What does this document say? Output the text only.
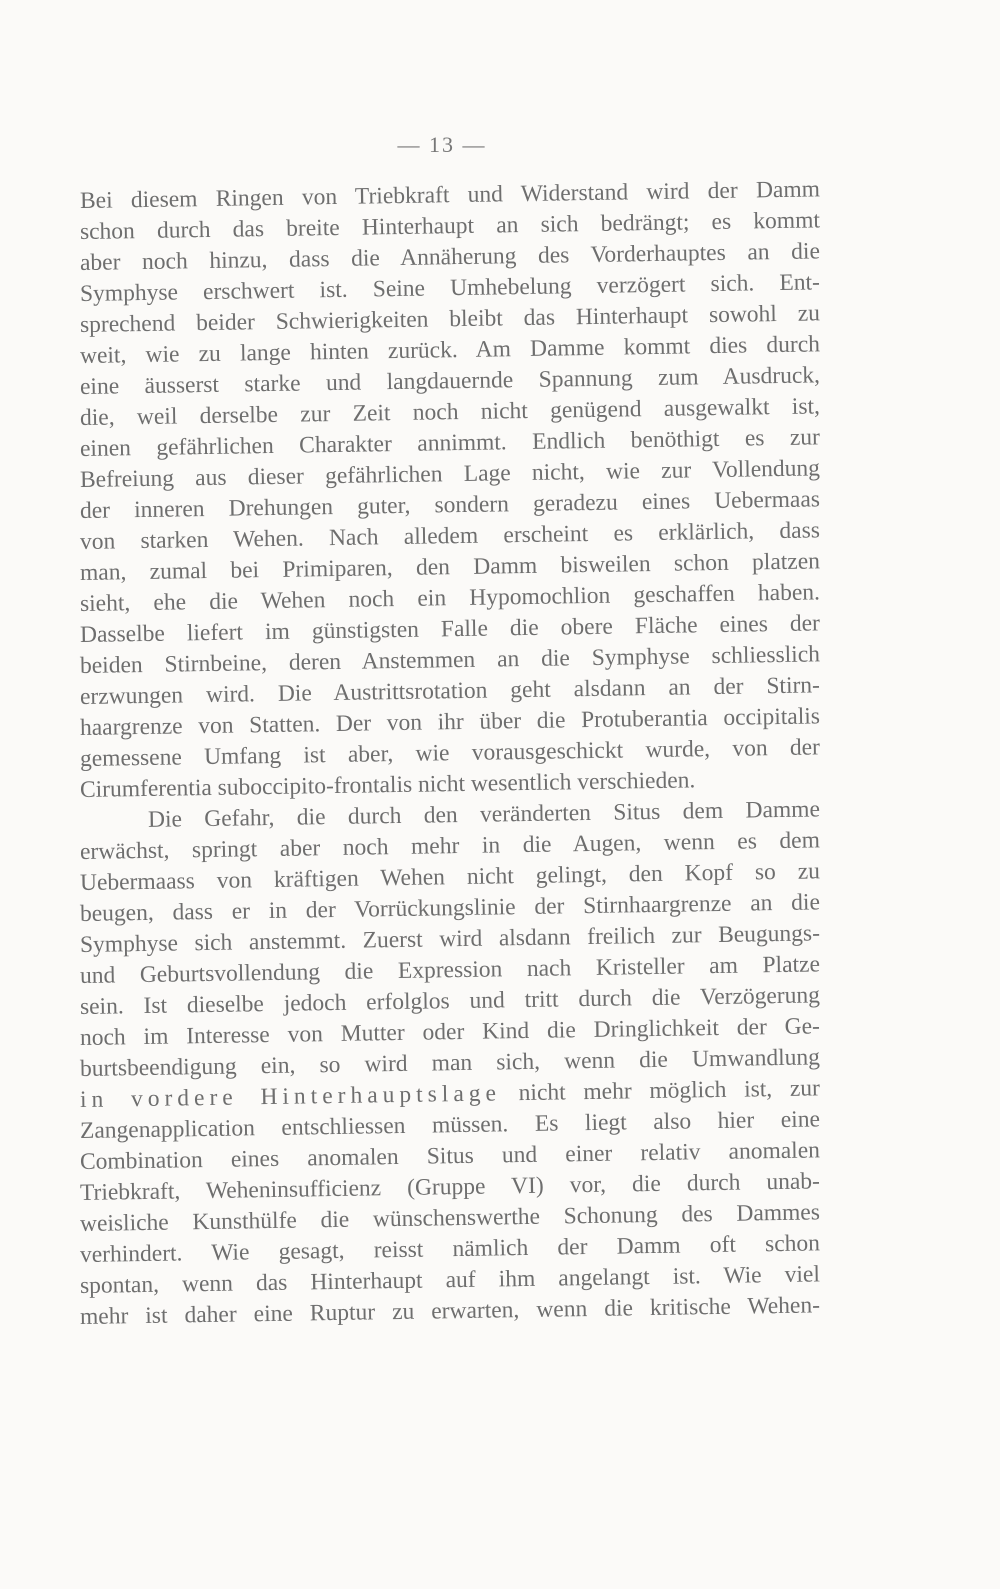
— 13 —
Bei diesem Ringen von Triebkraft und Widerstand wird der Damm
schon durch das breite Hinterhaupt an sich bedrängt; es kommt
aber noch hinzu, dass die Annäherung des Vorderhauptes an die
Symphyse erschwert ist. Seine Umhebelung verzögert sich. Ent-
sprechend beider Schwierigkeiten bleibt das Hinterhaupt sowohl zu
weit, wie zu lange hinten zurück. Am Damme kommt dies durch
eine äusserst starke und langdauernde Spannung zum Ausdruck,
die, weil derselbe zur Zeit noch nicht genügend ausgewalkt ist,
einen gefährlichen Charakter annimmt. Endlich benöthigt es zur
Befreiung aus dieser gefährlichen Lage nicht, wie zur Vollendung
der inneren Drehungen guter, sondern geradezu eines Uebermaas
von starken Wehen. Nach alledem erscheint es erklärlich, dass
man, zumal bei Primiparen, den Damm bisweilen schon platzen
sieht, ehe die Wehen noch ein Hypomochlion geschaffen haben.
Dasselbe liefert im günstigsten Falle die obere Fläche eines der
beiden Stirnbeine, deren Anstemmen an die Symphyse schliesslich
erzwungen wird. Die Austrittsrotation geht alsdann an der Stirn-
haargrenze von Statten. Der von ihr über die Protuberantia occipitalis
gemessene Umfang ist aber, wie vorausgeschickt wurde, von der
Cirumferentia suboccipito-frontalis nicht wesentlich verschieden.
Die Gefahr, die durch den veränderten Situs dem Damme
erwächst, springt aber noch mehr in die Augen, wenn es dem
Uebermaass von kräftigen Wehen nicht gelingt, den Kopf so zu
beugen, dass er in der Vorrückungslinie der Stirnhaargrenze an die
Symphyse sich anstemmt. Zuerst wird alsdann freilich zur Beugungs-
und Geburtsvollendung die Expression nach Kristeller am Platze
sein. Ist dieselbe jedoch erfolglos und tritt durch die Verzögerung
noch im Interesse von Mutter oder Kind die Dringlichkeit der Ge-
burtsbeendigung ein, so wird man sich, wenn die Umwandlung
in vordere Hinterhauptslage nicht mehr möglich ist, zur
Zangenapplication entschliessen müssen. Es liegt also hier eine
Combination eines anomalen Situs und einer relativ anomalen
Triebkraft, Weheninsufficienz (Gruppe VI) vor, die durch unab-
weisliche Kunsthülfe die wünschenswerthe Schonung des Dammes
verhindert. Wie gesagt, reisst nämlich der Damm oft schon
spontan, wenn das Hinterhaupt auf ihm angelangt ist. Wie viel
mehr ist daher eine Ruptur zu erwarten, wenn die kritische Wehen-
